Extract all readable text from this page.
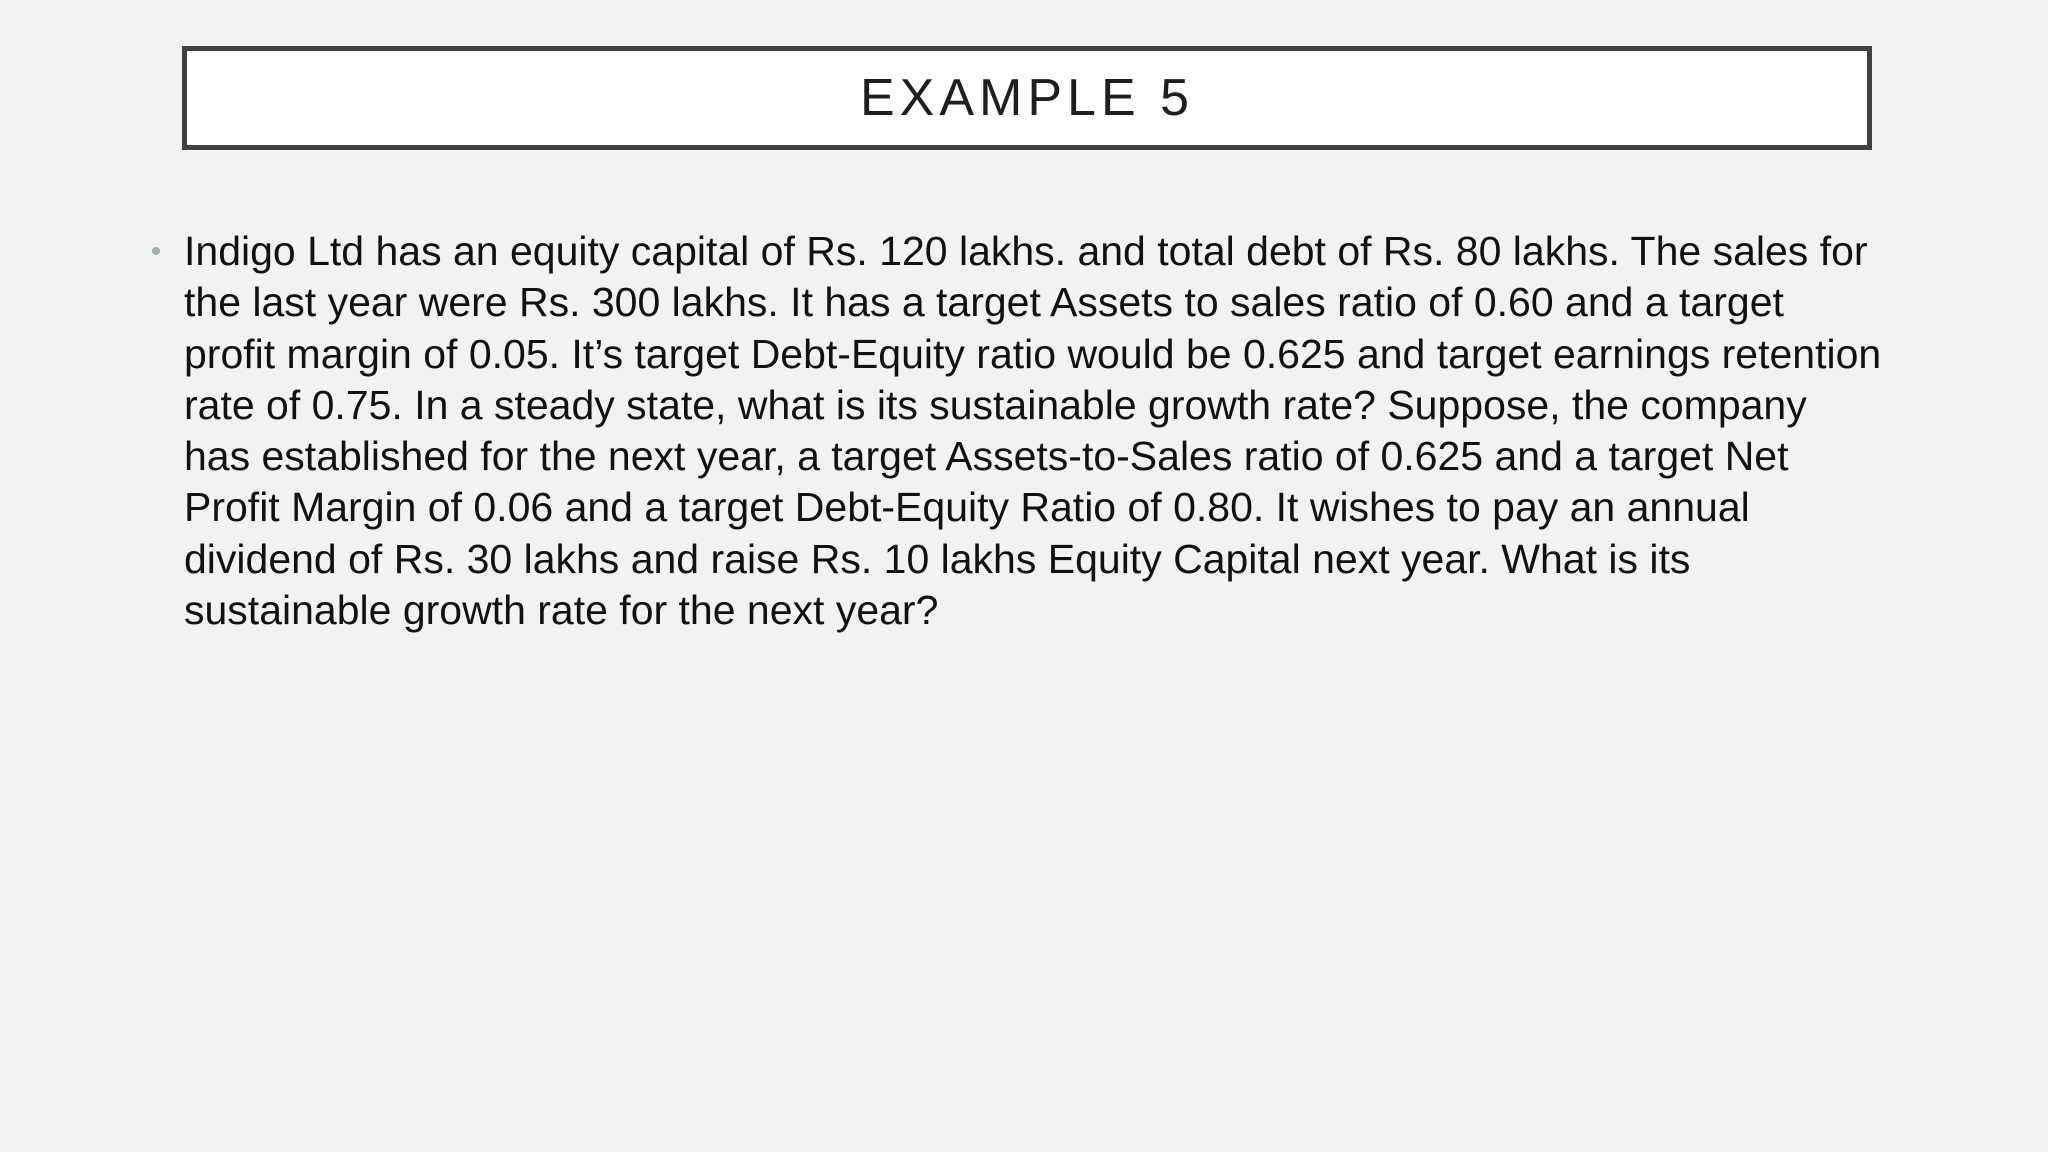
EXAMPLE 5
• Indigo Ltd has an equity capital of Rs. 120 lakhs. and total debt of Rs. 80 lakhs. The sales for the last year were Rs. 300 lakhs. It has a target Assets to sales ratio of 0.60 and a target profit margin of 0.05. It’s target Debt-Equity ratio would be 0.625 and target earnings retention rate of 0.75. In a steady state, what is its sustainable growth rate? Suppose, the company has established for the next year, a target Assets-to-Sales ratio of 0.625 and a target Net Profit Margin of 0.06 and a target Debt-Equity Ratio of 0.80. It wishes to pay an annual dividend of Rs. 30 lakhs and raise Rs. 10 lakhs Equity Capital next year. What is its sustainable growth rate for the next year?
